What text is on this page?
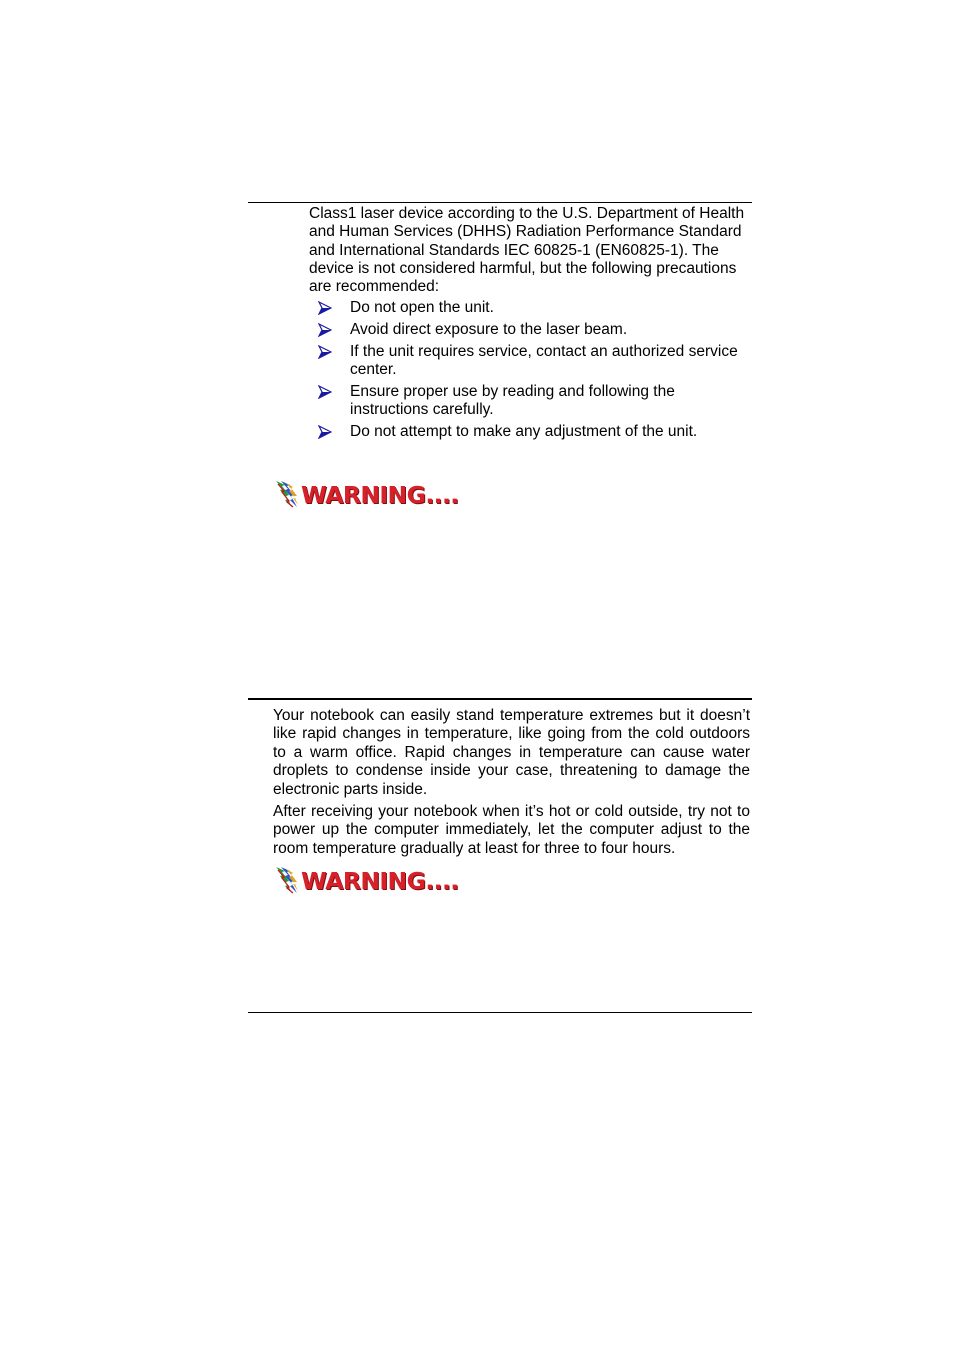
Class1 laser device according to the U.S. Department of Health and Human Services (DHHS) Radiation Performance Standard and International Standards IEC 60825-1 (EN60825-1). The device is not considered harmful, but the following precautions are recommended:

Do not open the unit.
Avoid direct exposure to the laser beam.
If the unit requires service, contact an authorized service center.
Ensure proper use by reading and following the instructions carefully.
Do not attempt to make any adjustment of the unit.
WARNING....

Your notebook can easily stand temperature extremes but it doesn’t like rapid changes in temperature, like going from the cold outdoors to a warm office. Rapid changes in temperature can cause water droplets to condense inside your case, threatening to damage the electronic parts inside.

After receiving your notebook when it’s hot or cold outside, try not to power up the computer immediately, let the computer adjust to the room temperature gradually at least for three to four hours.

WARNING....
